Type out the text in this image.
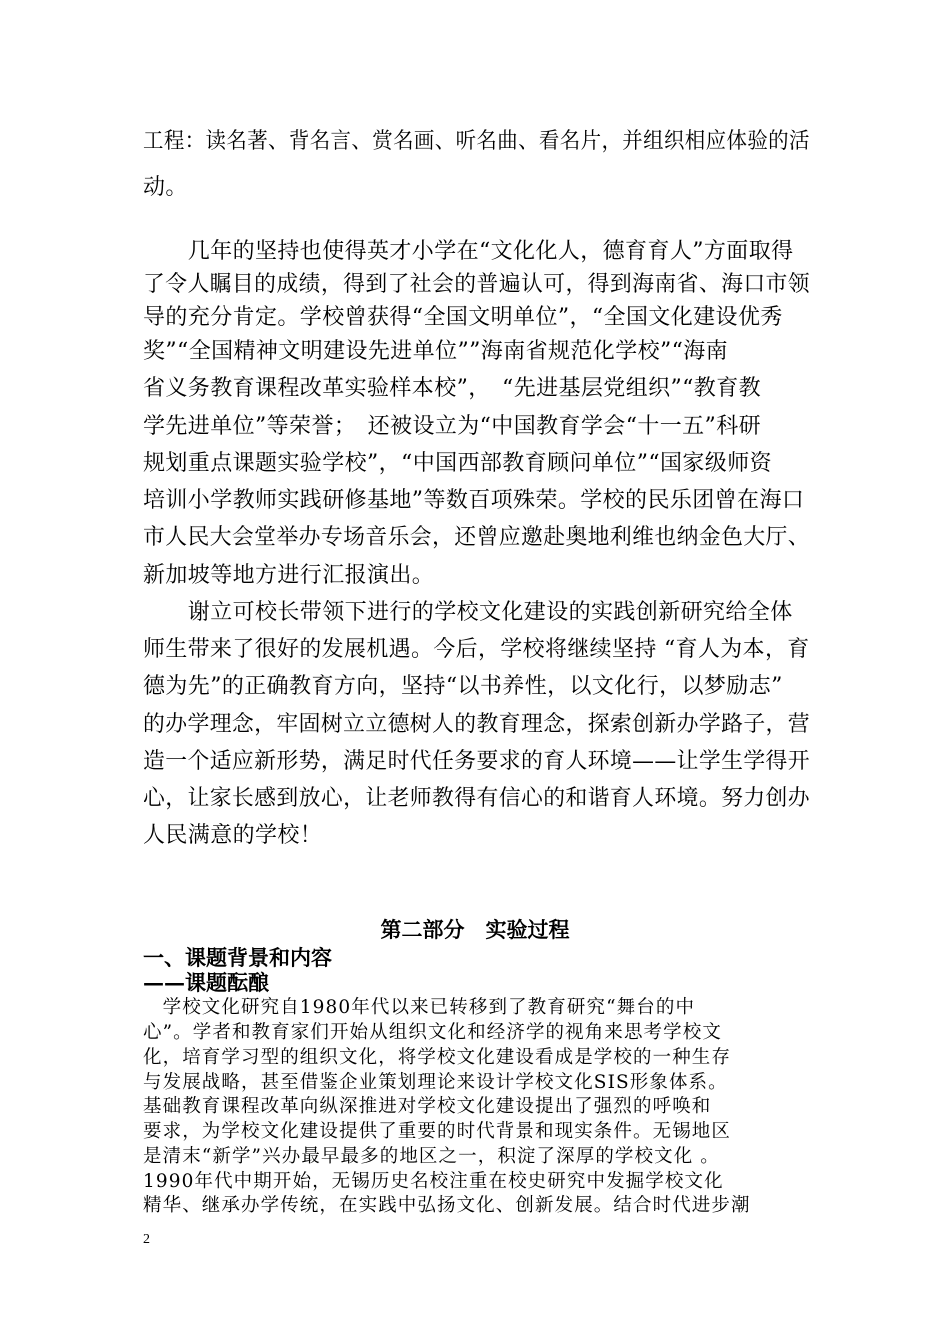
工程：读名著、背名言、赏名画、听名曲、看名片，并组织相应体验的活
动。
　　几年的坚持也使得英才小学在“文化化人，德育育人”方面取得
了令人瞩目的成绩，得到了社会的普遍认可，得到海南省、海口市领
导的充分肯定。学校曾获得“全国文明单位”，“全国文化建设优秀
奖”“全国精神文明建设先进单位””海南省规范化学校”“海南
省义务教育课程改革实验样本校”，　“先进基层党组织”“教育教
学先进单位”等荣誉；　还被设立为“中国教育学会“十一五”科研
规划重点课题实验学校”，“中国西部教育顾问单位”“国家级师资
培训小学教师实践研修基地”等数百项殊荣。学校的民乐团曾在海口
市人民大会堂举办专场音乐会，还曾应邀赴奥地利维也纳金色大厅、
新加坡等地方进行汇报演出。
　　谢立可校长带领下进行的学校文化建设的实践创新研究给全体
师生带来了很好的发展机遇。今后，学校将继续坚持 “育人为本，育
德为先”的正确教育方向，坚持“以书养性，以文化行，以梦励志”
的办学理念，牢固树立立德树人的教育理念，探索创新办学路子，营
造一个适应新形势，满足时代任务要求的育人环境——让学生学得开
心，让家长感到放心，让老师教得有信心的和谐育人环境。努力创办
人民满意的学校！
第二部分　实验过程
一、课题背景和内容
——课题酝酿
　学校文化研究自1980年代以来已转移到了教育研究“舞台的中
心”。学者和教育家们开始从组织文化和经济学的视角来思考学校文
化，培育学习型的组织文化，将学校文化建设看成是学校的一种生存
与发展战略，甚至借鉴企业策划理论来设计学校文化SIS形象体系。
基础教育课程改革向纵深推进对学校文化建设提出了强烈的呼唤和
要求，为学校文化建设提供了重要的时代背景和现实条件。无锡地区
是清末“新学”兴办最早最多的地区之一，积淀了深厚的学校文化 。
1990年代中期开始，无锡历史名校注重在校史研究中发掘学校文化
精华、继承办学传统，在实践中弘扬文化、创新发展。结合时代进步潮
2
